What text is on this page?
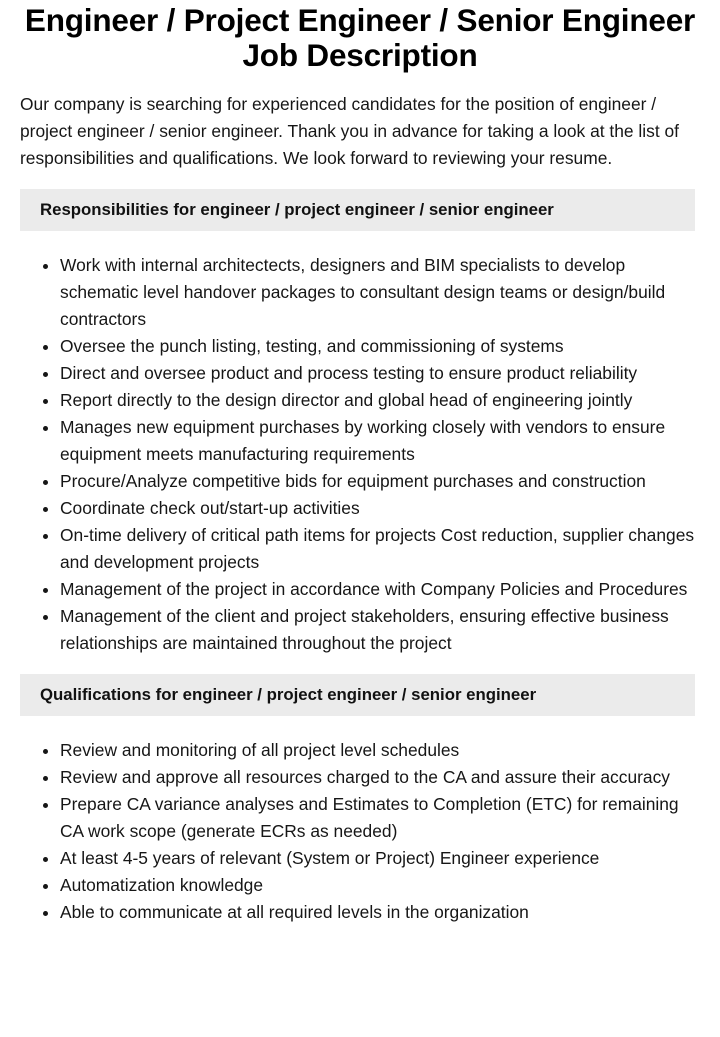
Engineer / Project Engineer / Senior Engineer
Job Description

Our company is searching for experienced candidates for the position of engineer / project engineer / senior engineer. Thank you in advance for taking a look at the list of responsibilities and qualifications. We look forward to reviewing your resume.

Responsibilities for engineer / project engineer / senior engineer
Work with internal architectects, designers and BIM specialists to develop schematic level handover packages to consultant design teams or design/build contractors
Oversee the punch listing, testing, and commissioning of systems
Direct and oversee product and process testing to ensure product reliability
Report directly to the design director and global head of engineering jointly
Manages new equipment purchases by working closely with vendors to ensure equipment meets manufacturing requirements
Procure/Analyze competitive bids for equipment purchases and construction
Coordinate check out/start-up activities
On-time delivery of critical path items for projects Cost reduction, supplier changes and development projects
Management of the project in accordance with Company Policies and Procedures
Management of the client and project stakeholders, ensuring effective business relationships are maintained throughout the project
Qualifications for engineer / project engineer / senior engineer
Review and monitoring of all project level schedules
Review and approve all resources charged to the CA and assure their accuracy
Prepare CA variance analyses and Estimates to Completion (ETC) for remaining CA work scope (generate ECRs as needed)
At least 4-5 years of relevant (System or Project) Engineer experience
Automatization knowledge
Able to communicate at all required levels in the organization
